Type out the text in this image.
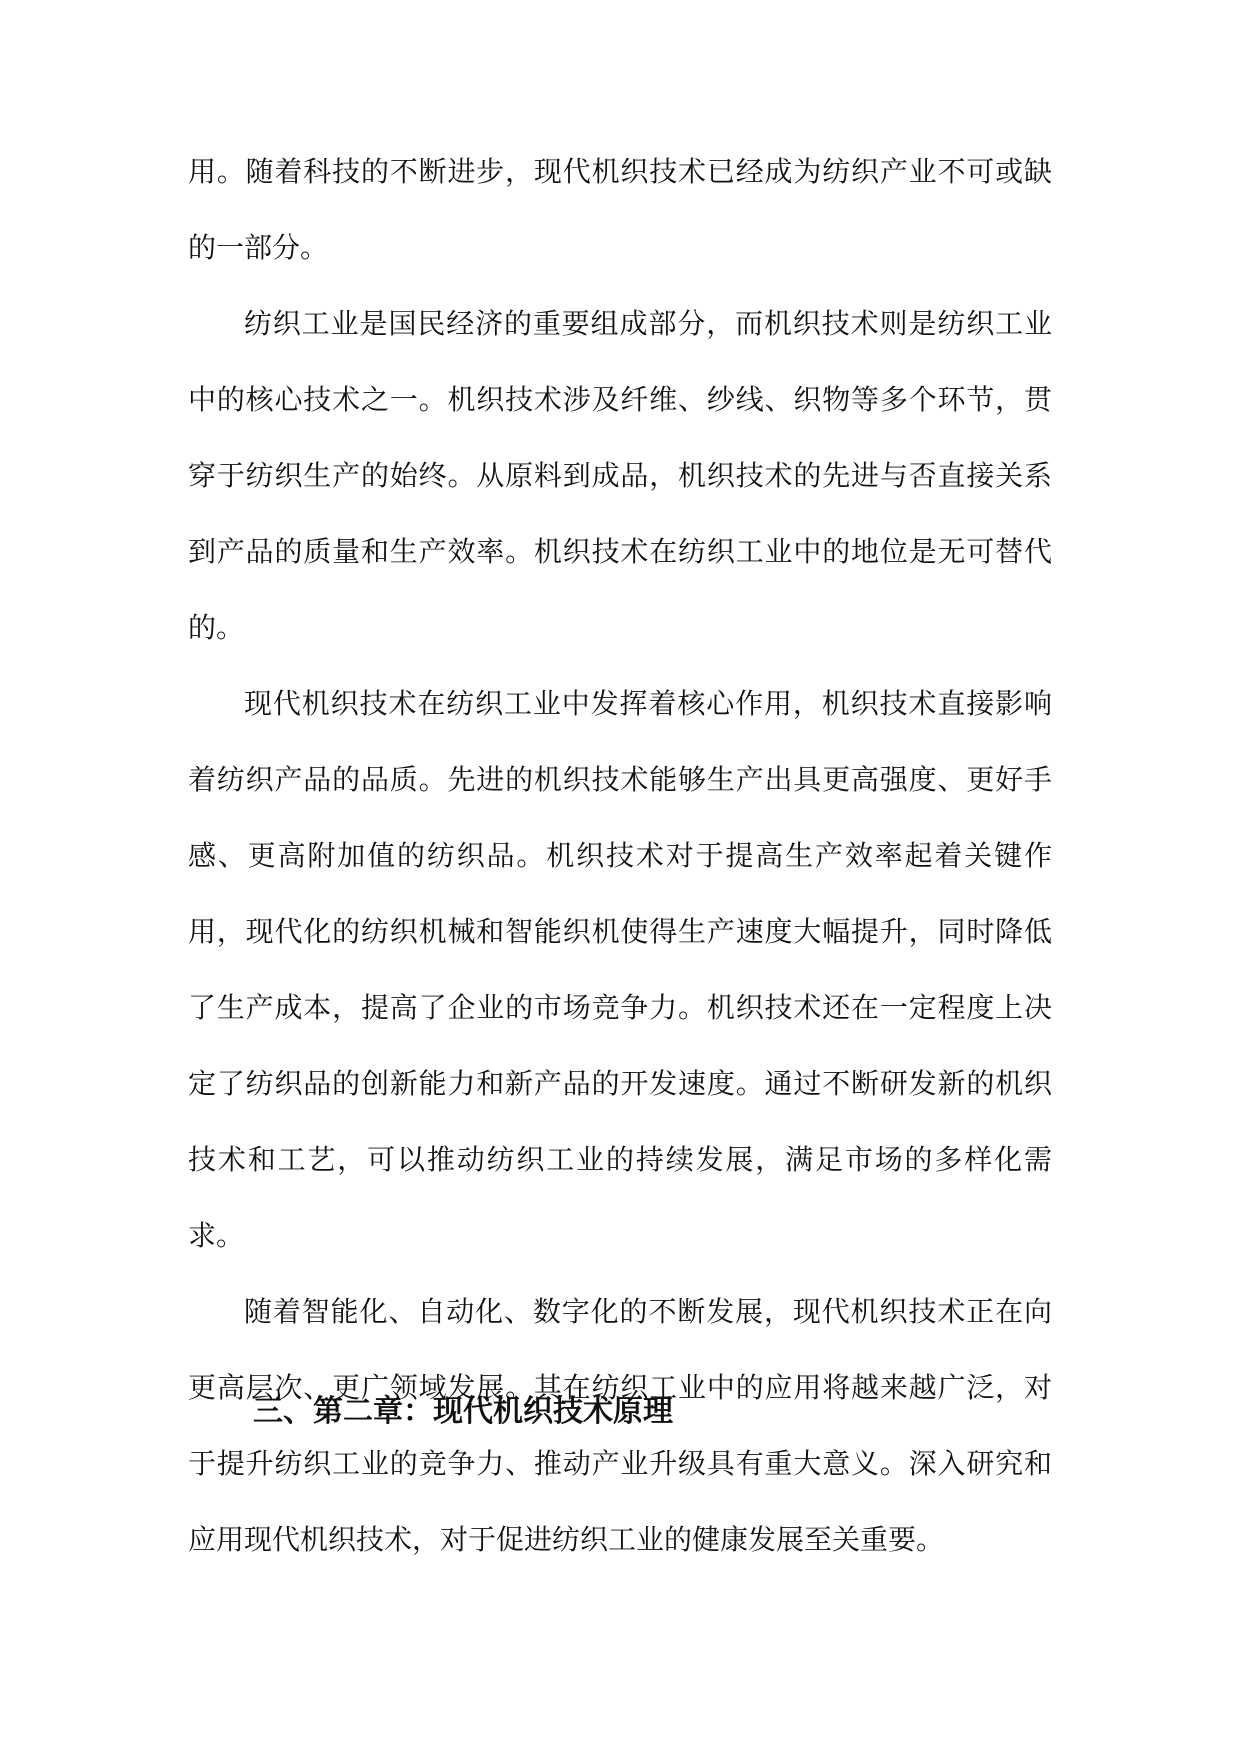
用。随着科技的不断进步，现代机织技术已经成为纺织产业不可或缺的一部分。

纺织工业是国民经济的重要组成部分，而机织技术则是纺织工业中的核心技术之一。机织技术涉及纤维、纱线、织物等多个环节，贯穿于纺织生产的始终。从原料到成品，机织技术的先进与否直接关系到产品的质量和生产效率。机织技术在纺织工业中的地位是无可替代的。

现代机织技术在纺织工业中发挥着核心作用，机织技术直接影响着纺织产品的品质。先进的机织技术能够生产出具更高强度、更好手感、更高附加值的纺织品。机织技术对于提高生产效率起着关键作用，现代化的纺织机械和智能织机使得生产速度大幅提升，同时降低了生产成本，提高了企业的市场竞争力。机织技术还在一定程度上决定了纺织品的创新能力和新产品的开发速度。通过不断研发新的机织技术和工艺，可以推动纺织工业的持续发展，满足市场的多样化需求。

随着智能化、自动化、数字化的不断发展，现代机织技术正在向更高层次、更广领域发展。其在纺织工业中的应用将越来越广泛，对于提升纺织工业的竞争力、推动产业升级具有重大意义。深入研究和应用现代机织技术，对于促进纺织工业的健康发展至关重要。

三、第二章：现代机织技术原理
